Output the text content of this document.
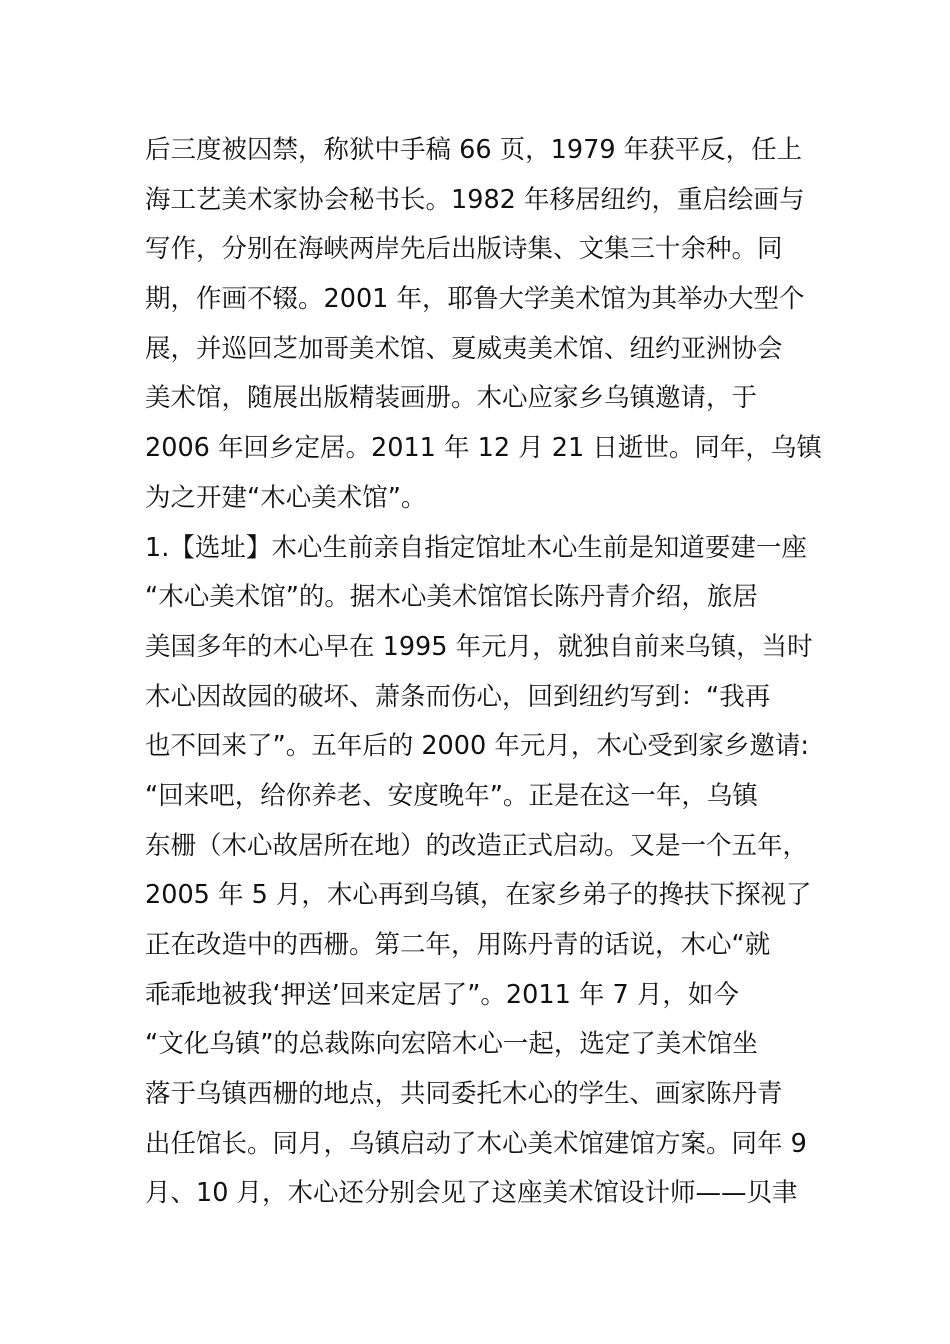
后三度被囚禁，称狱中手稿 66 页，1979 年获平反，任上
海工艺美术家协会秘书长。1982 年移居纽约，重启绘画与
写作，分别在海峡两岸先后出版诗集、文集三十余种。同
期，作画不辍。2001 年，耶鲁大学美术馆为其举办大型个
展，并巡回芝加哥美术馆、夏威夷美术馆、纽约亚洲协会
美术馆，随展出版精装画册。木心应家乡乌镇邀请，于
2006 年回乡定居。2011 年 12 月 21 日逝世。同年，乌镇
为之开建“木心美术馆”。
1.【选址】木心生前亲自指定馆址木心生前是知道要建一座
“木心美术馆”的。据木心美术馆馆长陈丹青介绍，旅居
美国多年的木心早在 1995 年元月，就独自前来乌镇，当时
木心因故园的破坏、萧条而伤心，回到纽约写到：“我再
也不回来了”。五年后的 2000 年元月，木心受到家乡邀请:
“回来吧，给你养老、安度晚年”。正是在这一年，乌镇
东栅（木心故居所在地）的改造正式启动。又是一个五年，
2005 年 5 月，木心再到乌镇，在家乡弟子的搀扶下探视了
正在改造中的西栅。第二年，用陈丹青的话说，木心“就
乖乖地被我‘押送’回来定居了”。2011 年 7 月，如今
“文化乌镇”的总裁陈向宏陪木心一起，选定了美术馆坐
落于乌镇西栅的地点，共同委托木心的学生、画家陈丹青
出任馆长。同月，乌镇启动了木心美术馆建馆方案。同年 9
月、10 月，木心还分别会见了这座美术馆设计师——贝聿
